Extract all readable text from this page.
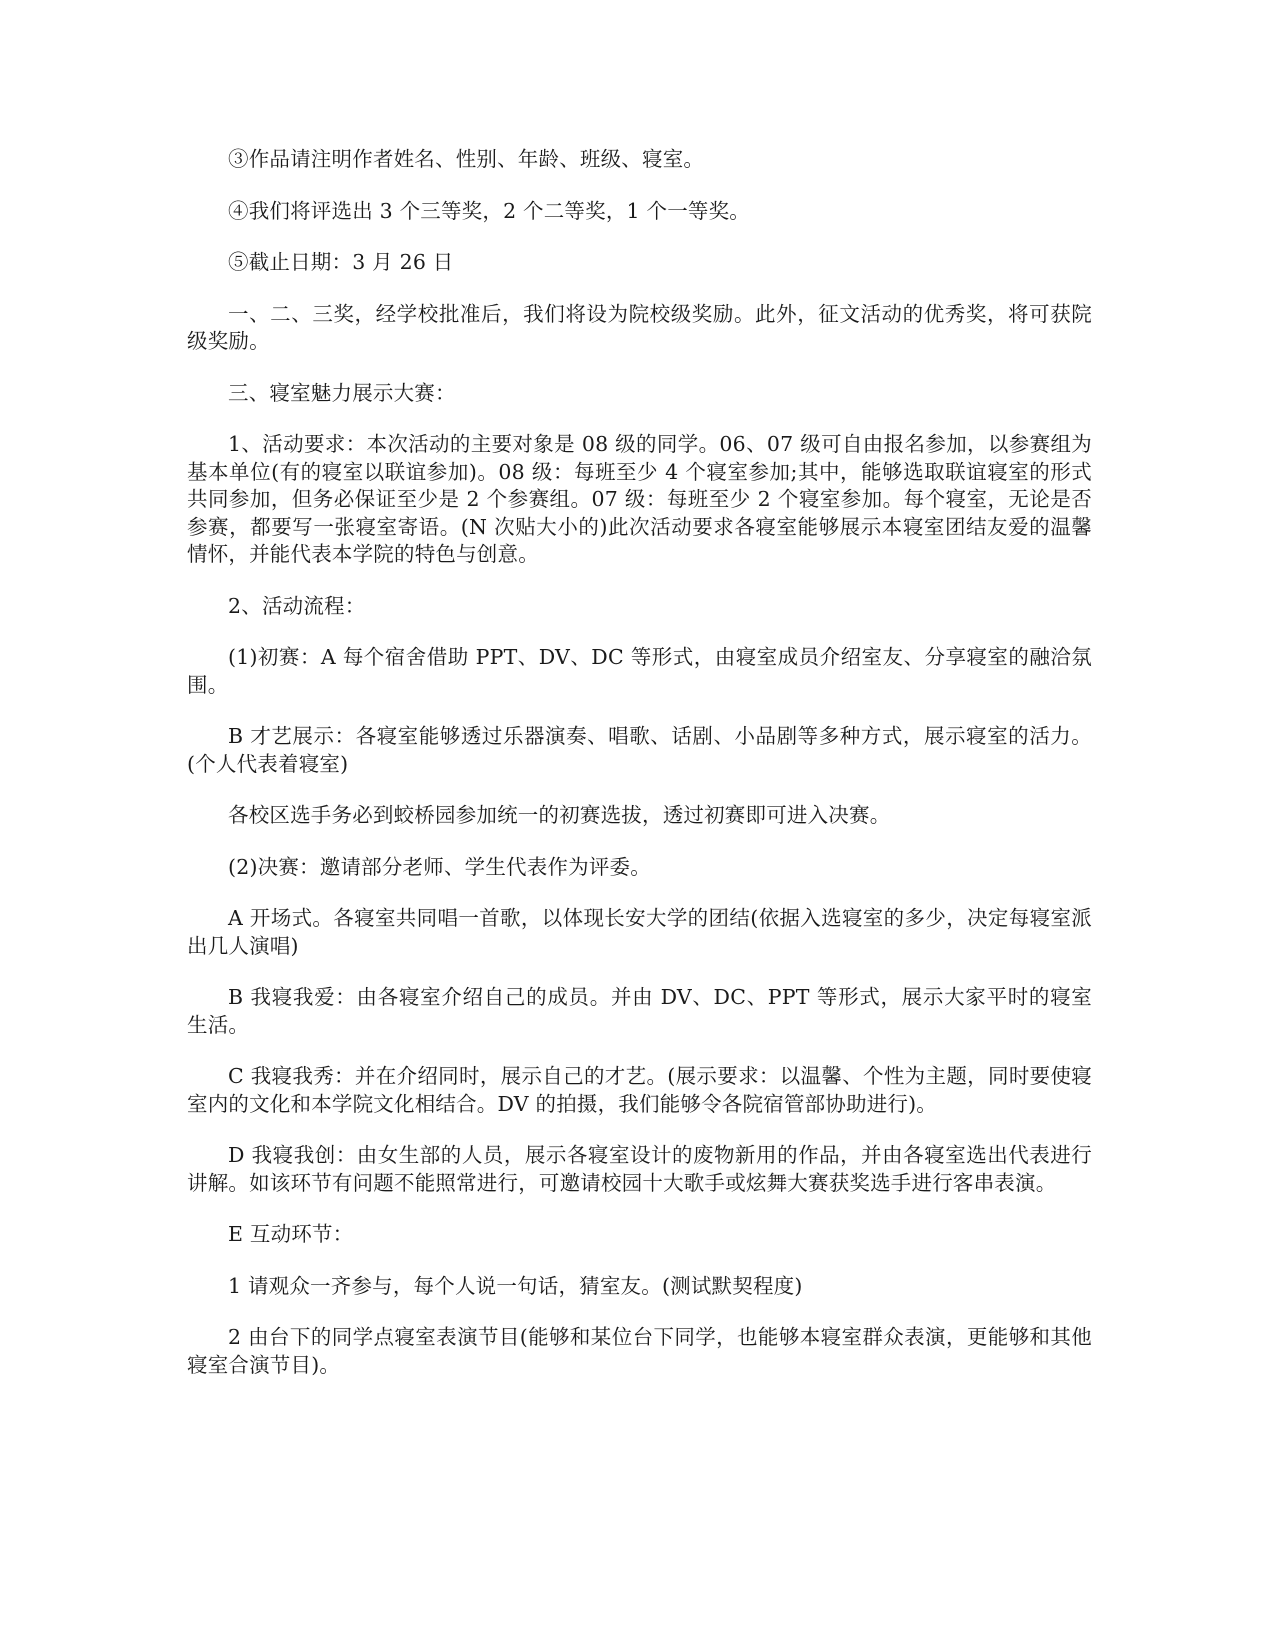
③作品请注明作者姓名、性别、年龄、班级、寝室。

④我们将评选出 3 个三等奖，2 个二等奖，1 个一等奖。

⑤截止日期：3 月 26 日

一、二、三奖，经学校批准后，我们将设为院校级奖励。此外，征文活动的优秀奖，将可获院级奖励。

三、寝室魅力展示大赛：

1、活动要求：本次活动的主要对象是 08 级的同学。06、07 级可自由报名参加，以参赛组为基本单位(有的寝室以联谊参加)。08 级：每班至少 4 个寝室参加;其中，能够选取联谊寝室的形式共同参加，但务必保证至少是 2 个参赛组。07 级：每班至少 2 个寝室参加。每个寝室，无论是否参赛，都要写一张寝室寄语。(N 次贴大小的)此次活动要求各寝室能够展示本寝室团结友爱的温馨情怀，并能代表本学院的特色与创意。

2、活动流程：

(1)初赛：A 每个宿舍借助 PPT、DV、DC 等形式，由寝室成员介绍室友、分享寝室的融洽氛围。

B 才艺展示：各寝室能够透过乐器演奏、唱歌、话剧、小品剧等多种方式，展示寝室的活力。(个人代表着寝室)

各校区选手务必到蛟桥园参加统一的初赛选拔，透过初赛即可进入决赛。

(2)决赛：邀请部分老师、学生代表作为评委。

A 开场式。各寝室共同唱一首歌，以体现长安大学的团结(依据入选寝室的多少，决定每寝室派出几人演唱)

B 我寝我爱：由各寝室介绍自己的成员。并由 DV、DC、PPT 等形式，展示大家平时的寝室生活。

C 我寝我秀：并在介绍同时，展示自己的才艺。(展示要求：以温馨、个性为主题，同时要使寝室内的文化和本学院文化相结合。DV 的拍摄，我们能够令各院宿管部协助进行)。

D 我寝我创：由女生部的人员，展示各寝室设计的废物新用的作品，并由各寝室选出代表进行讲解。如该环节有问题不能照常进行，可邀请校园十大歌手或炫舞大赛获奖选手进行客串表演。

E 互动环节：

1 请观众一齐参与，每个人说一句话，猜室友。(测试默契程度)

2 由台下的同学点寝室表演节目(能够和某位台下同学，也能够本寝室群众表演，更能够和其他寝室合演节目)。
